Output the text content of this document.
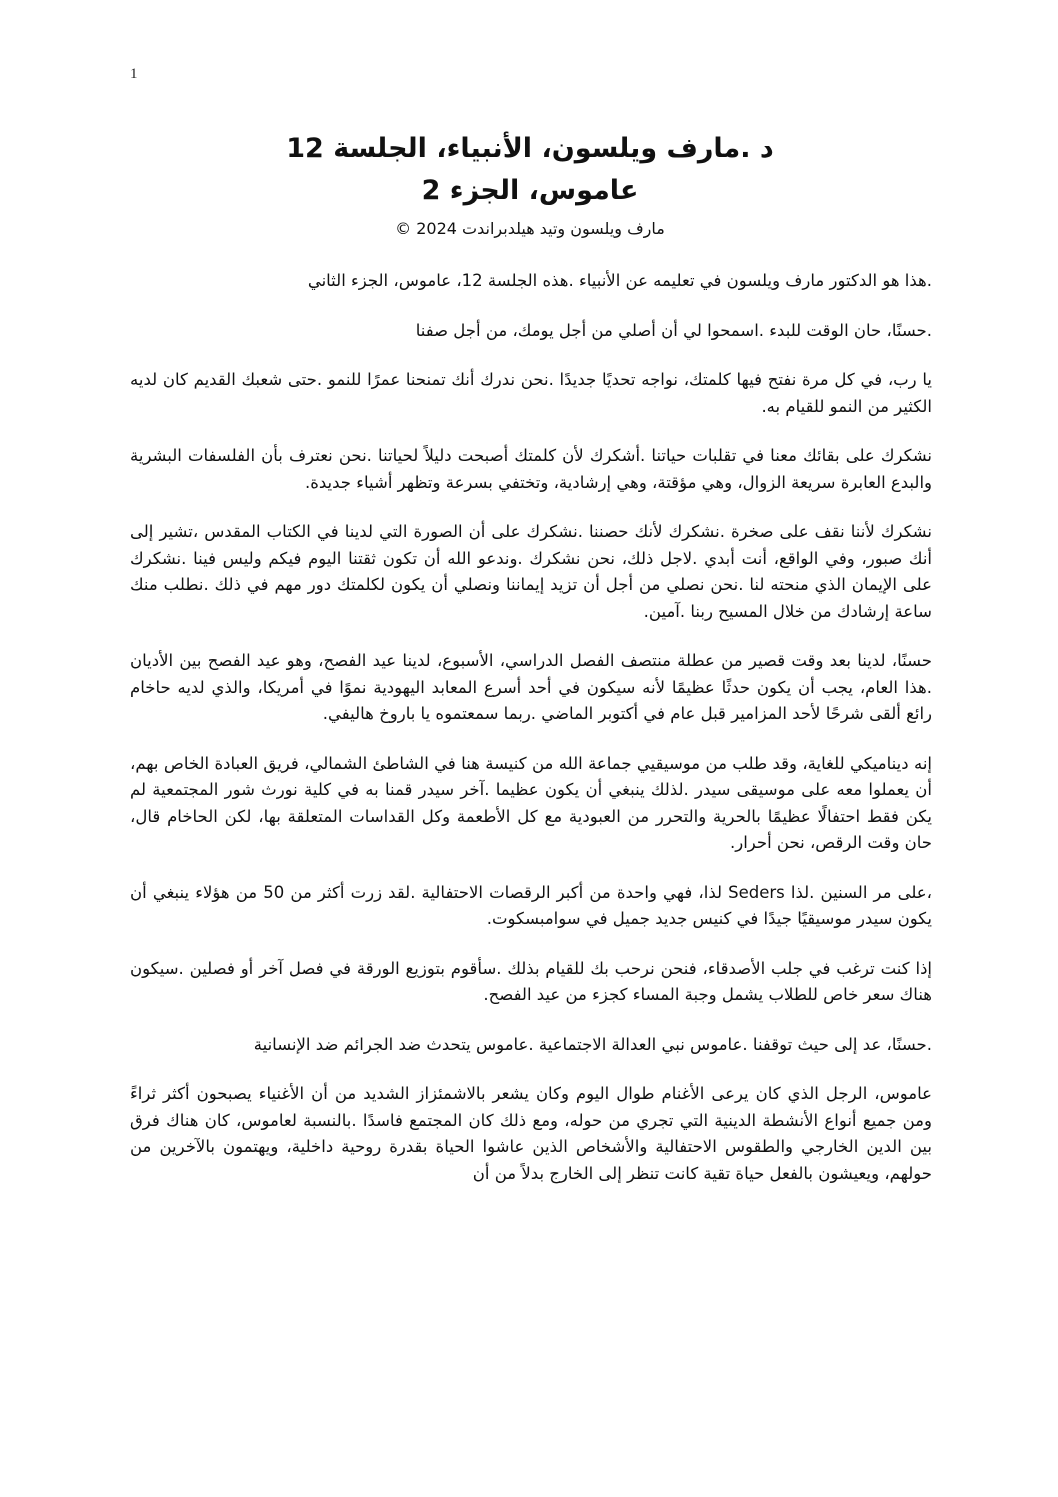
1
د .مارف ويلسون، الأنبياء، الجلسة 12
عاموس، الجزء 2
مارف ويلسون وتيد هيلدبراندت 2024 ©

.هذا هو الدكتور مارف ويلسون في تعليمه عن الأنبياء .هذه الجلسة 12، عاموس، الجزء الثاني

.حسنًا، حان الوقت للبدء .اسمحوا لي أن أصلي من أجل يومك، من أجل صفنا

يا رب، في كل مرة نفتح فيها كلمتك، نواجه تحديًا جديدًا .نحن ندرك أنك تمنحنا عمرًا للنمو .حتى شعبك القديم كان لديه الكثير من النمو للقيام به.

نشكرك على بقائك معنا في تقلبات حياتنا .أشكرك لأن كلمتك أصبحت دليلاً لحياتنا .نحن نعترف بأن الفلسفات البشرية والبدع العابرة سريعة الزوال، وهي مؤقتة، وهي إرشادية، وتختفي بسرعة وتظهر أشياء جديدة.

نشكرك لأننا نقف على صخرة .نشكرك لأنك حصننا .نشكرك على أن الصورة التي لدينا في الكتاب المقدس ،تشير إلى أنك صبور، وفي الواقع، أنت أبدي .لاجل ذلك، نحن نشكرك .وندعو الله أن تكون ثقتنا اليوم فيكم وليس فينا .نشكرك على الإيمان الذي منحته لنا .نحن نصلي من أجل أن تزيد إيماننا ونصلي أن يكون لكلمتك دور مهم في ذلك .نطلب منك ساعة إرشادك من خلال المسيح ربنا .آمين.

حسنًا، لدينا بعد وقت قصير من عطلة منتصف الفصل الدراسي، الأسبوع، لدينا عيد الفصح، وهو عيد الفصح بين الأديان .هذا العام، يجب أن يكون حدثًا عظيمًا لأنه سيكون في أحد أسرع المعابد اليهودية نموًا في أمريكا، والذي لديه حاخام رائع ألقى شرحًا لأحد المزامير قبل عام في أكتوبر الماضي .ربما سمعتموه يا باروخ هاليفي.

إنه ديناميكي للغاية، وقد طلب من موسيقيي جماعة الله من كنيسة هنا في الشاطئ الشمالي، فريق العبادة الخاص بهم، أن يعملوا معه على موسيقى سيدر .لذلك ينبغي أن يكون عظيما .آخر سيدر قمنا به في كلية نورث شور المجتمعية لم يكن فقط احتفالًا عظيمًا بالحرية والتحرر من العبودية مع كل الأطعمة وكل القداسات المتعلقة بها، لكن الحاخام قال، حان وقت الرقص، نحن أحرار.

،على مر السنين .لذا Seders لذا، فهي واحدة من أكبر الرقصات الاحتفالية .لقد زرت أكثر من 50 من هؤلاء ينبغي أن يكون سيدر موسيقيًا جيدًا في كنيس جديد جميل في سوامبسكوت.

إذا كنت ترغب في جلب الأصدقاء، فنحن نرحب بك للقيام بذلك .سأقوم بتوزيع الورقة في فصل آخر أو فصلين .سيكون هناك سعر خاص للطلاب يشمل وجبة المساء كجزء من عيد الفصح.

.حسنًا، عد إلى حيث توقفنا .عاموس نبي العدالة الاجتماعية .عاموس يتحدث ضد الجرائم ضد الإنسانية

عاموس، الرجل الذي كان يرعى الأغنام طوال اليوم وكان يشعر بالاشمئزاز الشديد من أن الأغنياء يصبحون أكثر ثراءً ومن جميع أنواع الأنشطة الدينية التي تجري من حوله، ومع ذلك كان المجتمع فاسدًا .بالنسبة لعاموس، كان هناك فرق بين الدين الخارجي والطقوس الاحتفالية والأشخاص الذين عاشوا الحياة بقدرة روحية داخلية، ويهتمون بالآخرين من حولهم، ويعيشون بالفعل حياة تقية كانت تنظر إلى الخارج بدلاً من أن
